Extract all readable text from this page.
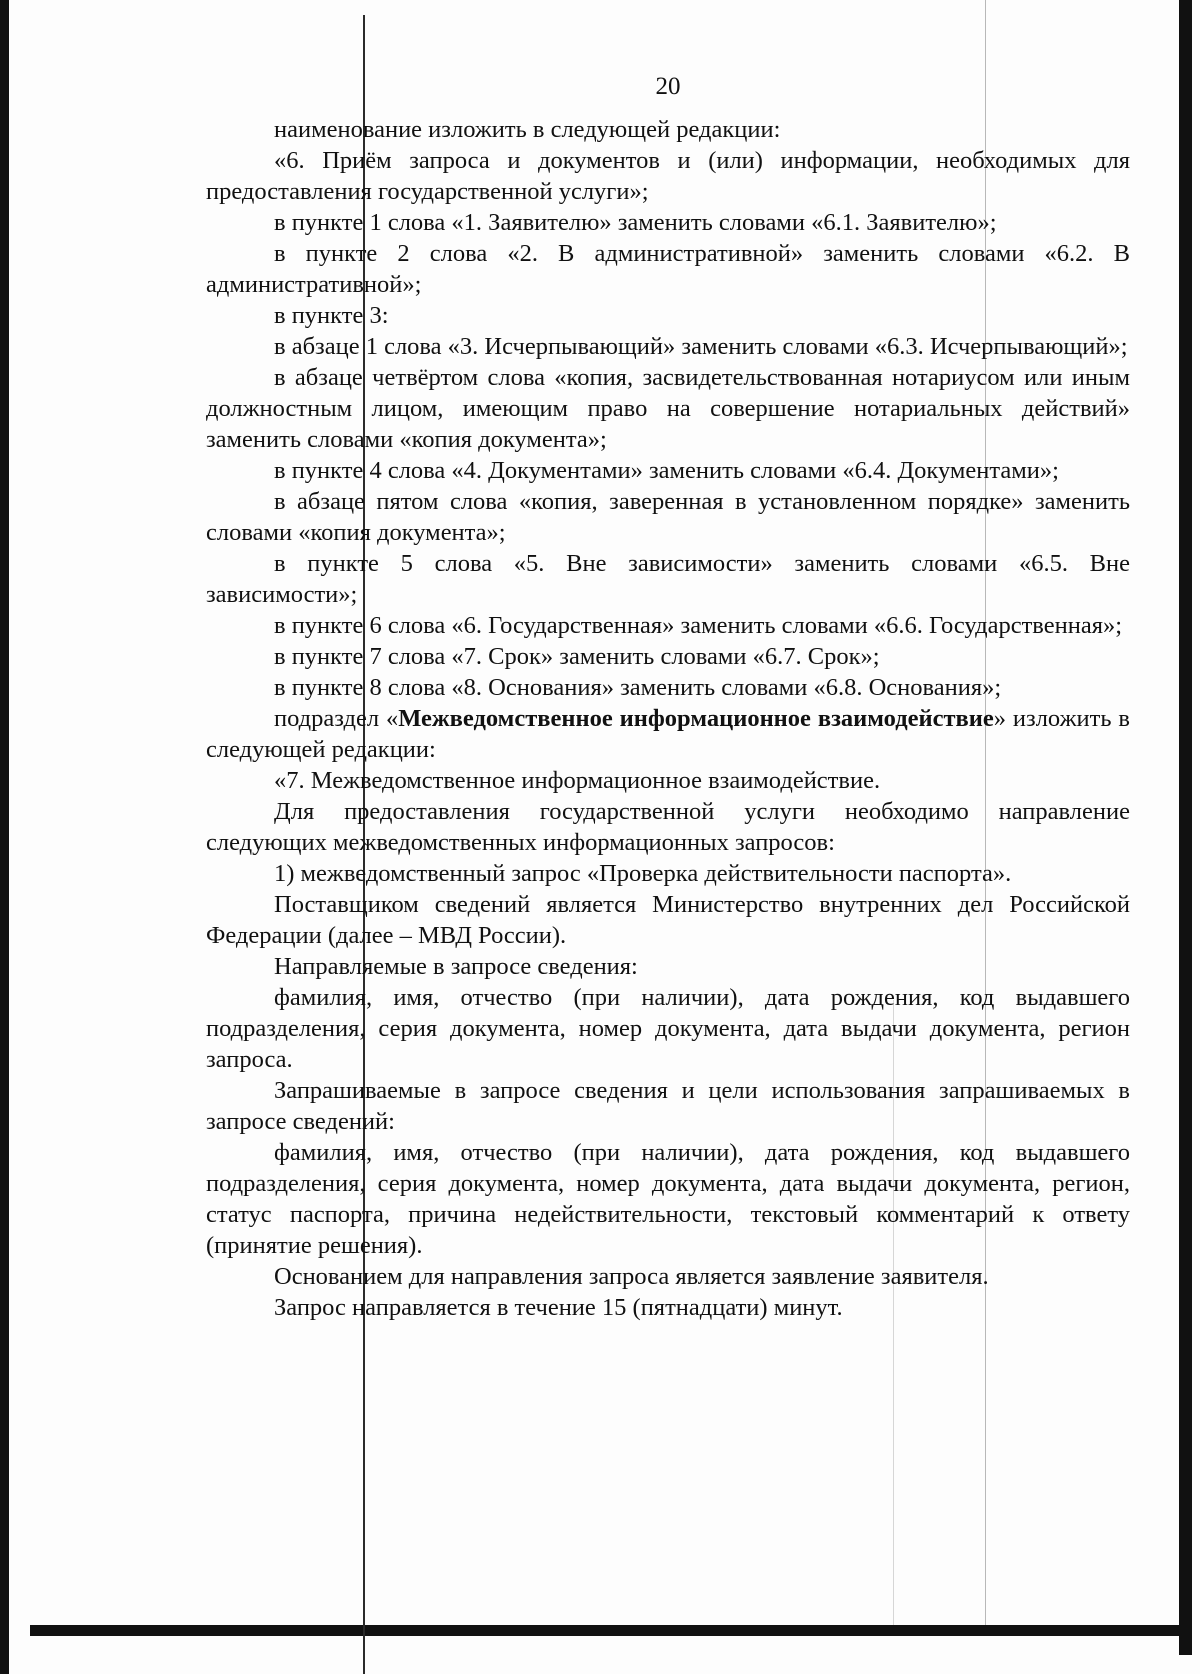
20

наименование изложить в следующей редакции:

«6. Приём запроса и документов и (или) информации, необходимых для предоставления государственной услуги»;

в пункте 1 слова «1. Заявителю» заменить словами «6.1. Заявителю»;

в пункте 2 слова «2. В административной» заменить словами «6.2. В административной»;

в пункте 3:

в абзаце 1 слова «3. Исчерпывающий» заменить словами «6.3. Исчерпывающий»;

в абзаце четвёртом слова «копия, засвидетельствованная нотариусом или иным должностным лицом, имеющим право на совершение нотариальных действий» заменить словами «копия документа»;

в пункте 4 слова «4. Документами» заменить словами «6.4. Документами»;

в абзаце пятом слова «копия, заверенная в установленном порядке» заменить словами «копия документа»;

в пункте 5 слова «5. Вне зависимости» заменить словами «6.5. Вне зависимости»;

в пункте 6 слова «6. Государственная» заменить словами «6.6. Государственная»;

в пункте 7 слова «7. Срок» заменить словами «6.7. Срок»;

в пункте 8 слова «8. Основания» заменить словами «6.8. Основания»;

подраздел «Межведомственное информационное взаимодействие» изложить в следующей редакции:

«7. Межведомственное информационное взаимодействие.

Для предоставления государственной услуги необходимо направление следующих межведомственных информационных запросов:

1) межведомственный запрос «Проверка действительности паспорта».

Поставщиком сведений является Министерство внутренних дел Российской Федерации (далее – МВД России).

Направляемые в запросе сведения:

фамилия, имя, отчество (при наличии), дата рождения, код выдавшего подразделения, серия документа, номер документа, дата выдачи документа, регион запроса.

Запрашиваемые в запросе сведения и цели использования запрашиваемых в запросе сведений:

фамилия, имя, отчество (при наличии), дата рождения, код выдавшего подразделения, серия документа, номер документа, дата выдачи документа, регион, статус паспорта, причина недействительности, текстовый комментарий к ответу (принятие решения).

Основанием для направления запроса является заявление заявителя.

Запрос направляется в течение 15 (пятнадцати) минут.
